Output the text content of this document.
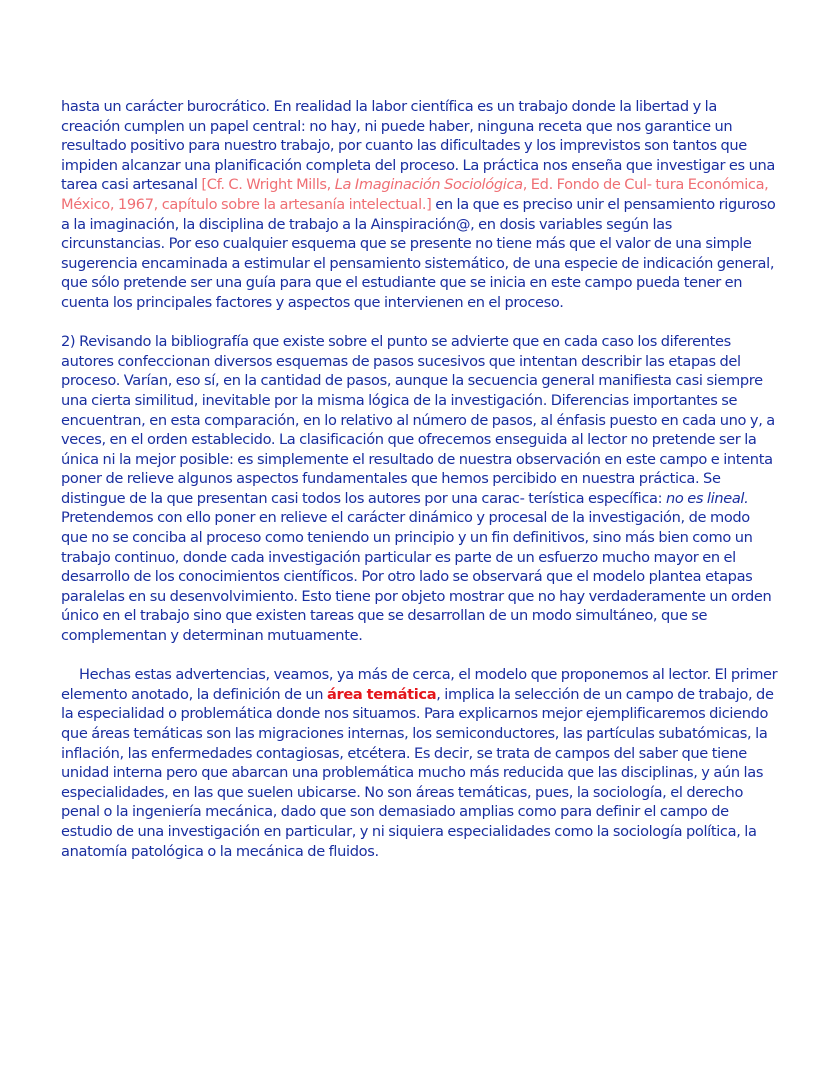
hasta un carácter burocrático. En realidad la labor científica es un trabajo donde la libertad y la creación cumplen un papel central: no hay, ni puede haber, ninguna receta que nos garantice un resultado positivo para nuestro trabajo, por cuanto las dificultades y los imprevistos son tantos que impiden alcanzar una planificación completa del proceso. La práctica nos enseña que investigar es una tarea casi artesanal [Cf. C. Wright Mills, La Imaginación Sociológica, Ed. Fondo de Cul- tura Económica, México, 1967, capítulo sobre la artesanía intelectual.] en la que es preciso unir el pensamiento riguroso a la imaginación, la disciplina de trabajo a la Ainspiración@, en dosis variables según las circunstancias. Por eso cualquier esquema que se presente no tiene más que el valor de una simple sugerencia encaminada a estimular el pensamiento sistemático, de una especie de indicación general, que sólo pretende ser una guía para que el estudiante que se inicia en este campo pueda tener en cuenta los principales factores y aspectos que intervienen en el proceso.

2) Revisando la bibliografía que existe sobre el punto se advierte que en cada caso los diferentes autores confeccionan diversos esquemas de pasos sucesivos que intentan describir las etapas del proceso. Varían, eso sí, en la cantidad de pasos, aunque la secuencia general manifiesta casi siempre una cierta similitud, inevitable por la misma lógica de la investigación. Diferencias importantes se encuentran, en esta comparación, en lo relativo al número de pasos, al énfasis puesto en cada uno y, a veces, en el orden establecido. La clasificación que ofrecemos enseguida al lector no pretende ser la única ni la mejor posible: es simplemente el resultado de nuestra observación en este campo e intenta poner de relieve algunos aspectos fundamentales que hemos percibido en nuestra práctica. Se distingue de la que presentan casi todos los autores por una carac- terística específica: no es lineal. Pretendemos con ello poner en relieve el carácter dinámico y procesal de la investigación, de modo que no se conciba al proceso como teniendo un principio y un fin definitivos, sino más bien como un trabajo continuo, donde cada investigación particular es parte de un esfuerzo mucho mayor en el desarrollo de los conocimientos científicos. Por otro lado se observará que el modelo plantea etapas paralelas en su desenvolvimiento. Esto tiene por objeto mostrar que no hay verdaderamente un orden único en el trabajo sino que existen tareas que se desarrollan de un modo simultáneo, que se complementan y determinan mutuamente.

Hechas estas advertencias, veamos, ya más de cerca, el modelo que proponemos al lector. El primer elemento anotado, la definición de un área temática, implica la selección de un campo de trabajo, de la especialidad o problemática donde nos situamos. Para explicarnos mejor ejemplificaremos diciendo que áreas temáticas son las migraciones internas, los semiconductores, las partículas subatómicas, la inflación, las enfermedades contagiosas, etcétera. Es decir, se trata de campos del saber que tiene unidad interna pero que abarcan una problemática mucho más reducida que las disciplinas, y aún las especialidades, en las que suelen ubicarse. No son áreas temáticas, pues, la sociología, el derecho penal o la ingeniería mecánica, dado que son demasiado amplias como para definir el campo de estudio de una investigación en particular, y ni siquiera especialidades como la sociología política, la anatomía patológica o la mecánica de fluidos.
